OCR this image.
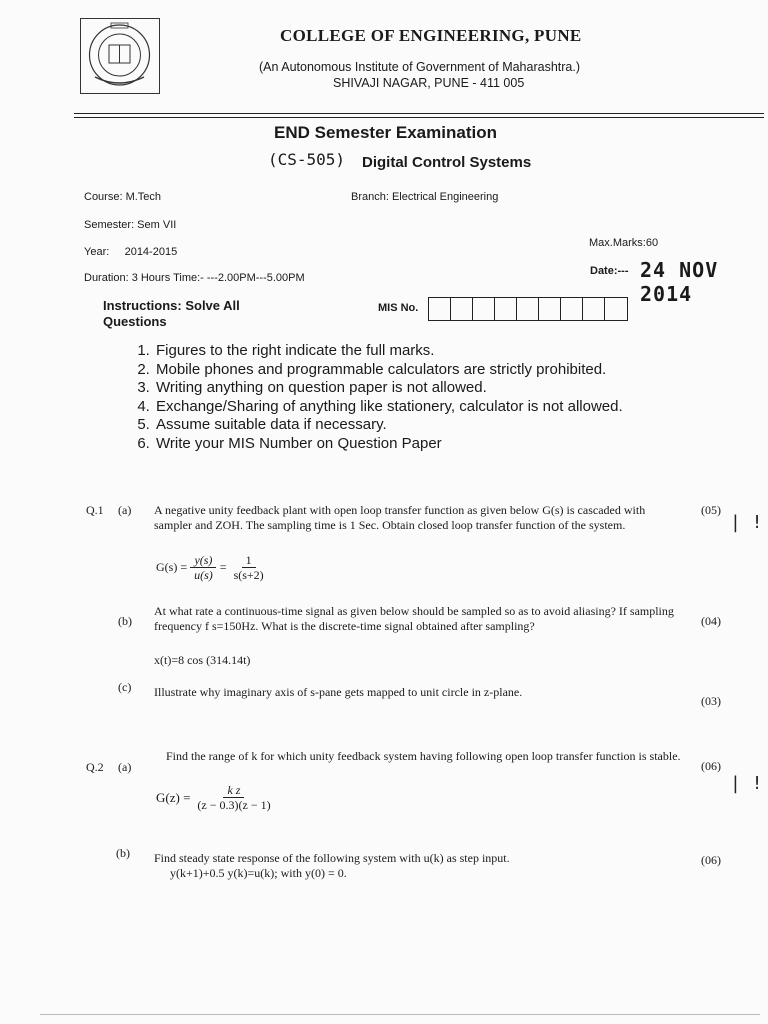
COLLEGE OF ENGINEERING, PUNE
(An Autonomous Institute of Government of Maharashtra.)
SHIVAJI NAGAR, PUNE - 411 005
END Semester Examination
(CS-505) Digital Control Systems
Course: M.Tech	Branch: Electrical Engineering
Semester: Sem VII
Year: 2014-2015
Max.Marks:60
Duration: 3 Hours Time:- ---2.00PM---5.00PM
Date:--- 24 NOV 2014
Instructions: Solve All Questions
MIS No.
1. Figures to the right indicate the full marks.
2. Mobile phones and programmable calculators are strictly prohibited.
3. Writing anything on question paper is not allowed.
4. Exchange/Sharing of anything like stationery, calculator is not allowed.
5. Assume suitable data if necessary.
6. Write your MIS Number on Question Paper
Q.1 (a) A negative unity feedback plant with open loop transfer function as given below G(s) is cascaded with sampler and ZOH. The sampling time is 1 Sec. Obtain closed loop transfer function of the system.
(05)
| !
$G(s) = \frac{y(s)}{u(s)} = \frac{1}{s(s+2)}$
(b)
At what rate a continuous-time signal as given below should be sampled so as to avoid aliasing? If sampling frequency f s=150Hz. What is the discrete-time signal obtained after sampling?	(04)
x(t)=8 cos (314.14t)
(c) Illustrate why imaginary axis of s-pane gets mapped to unit circle in z-plane.
(03)
Q.2 (a)
Find the range of k for which unity feedback system having following open loop transfer function is stable.
(06)
| !
$G(z) = \frac{\text{k z}}{(z - 0.3)(z - 1)}$
(b) Find steady state response of the following system with u(k) as step input.	(06)
y(k+1)+0.5 y(k)=u(k); with y(0) = 0.
